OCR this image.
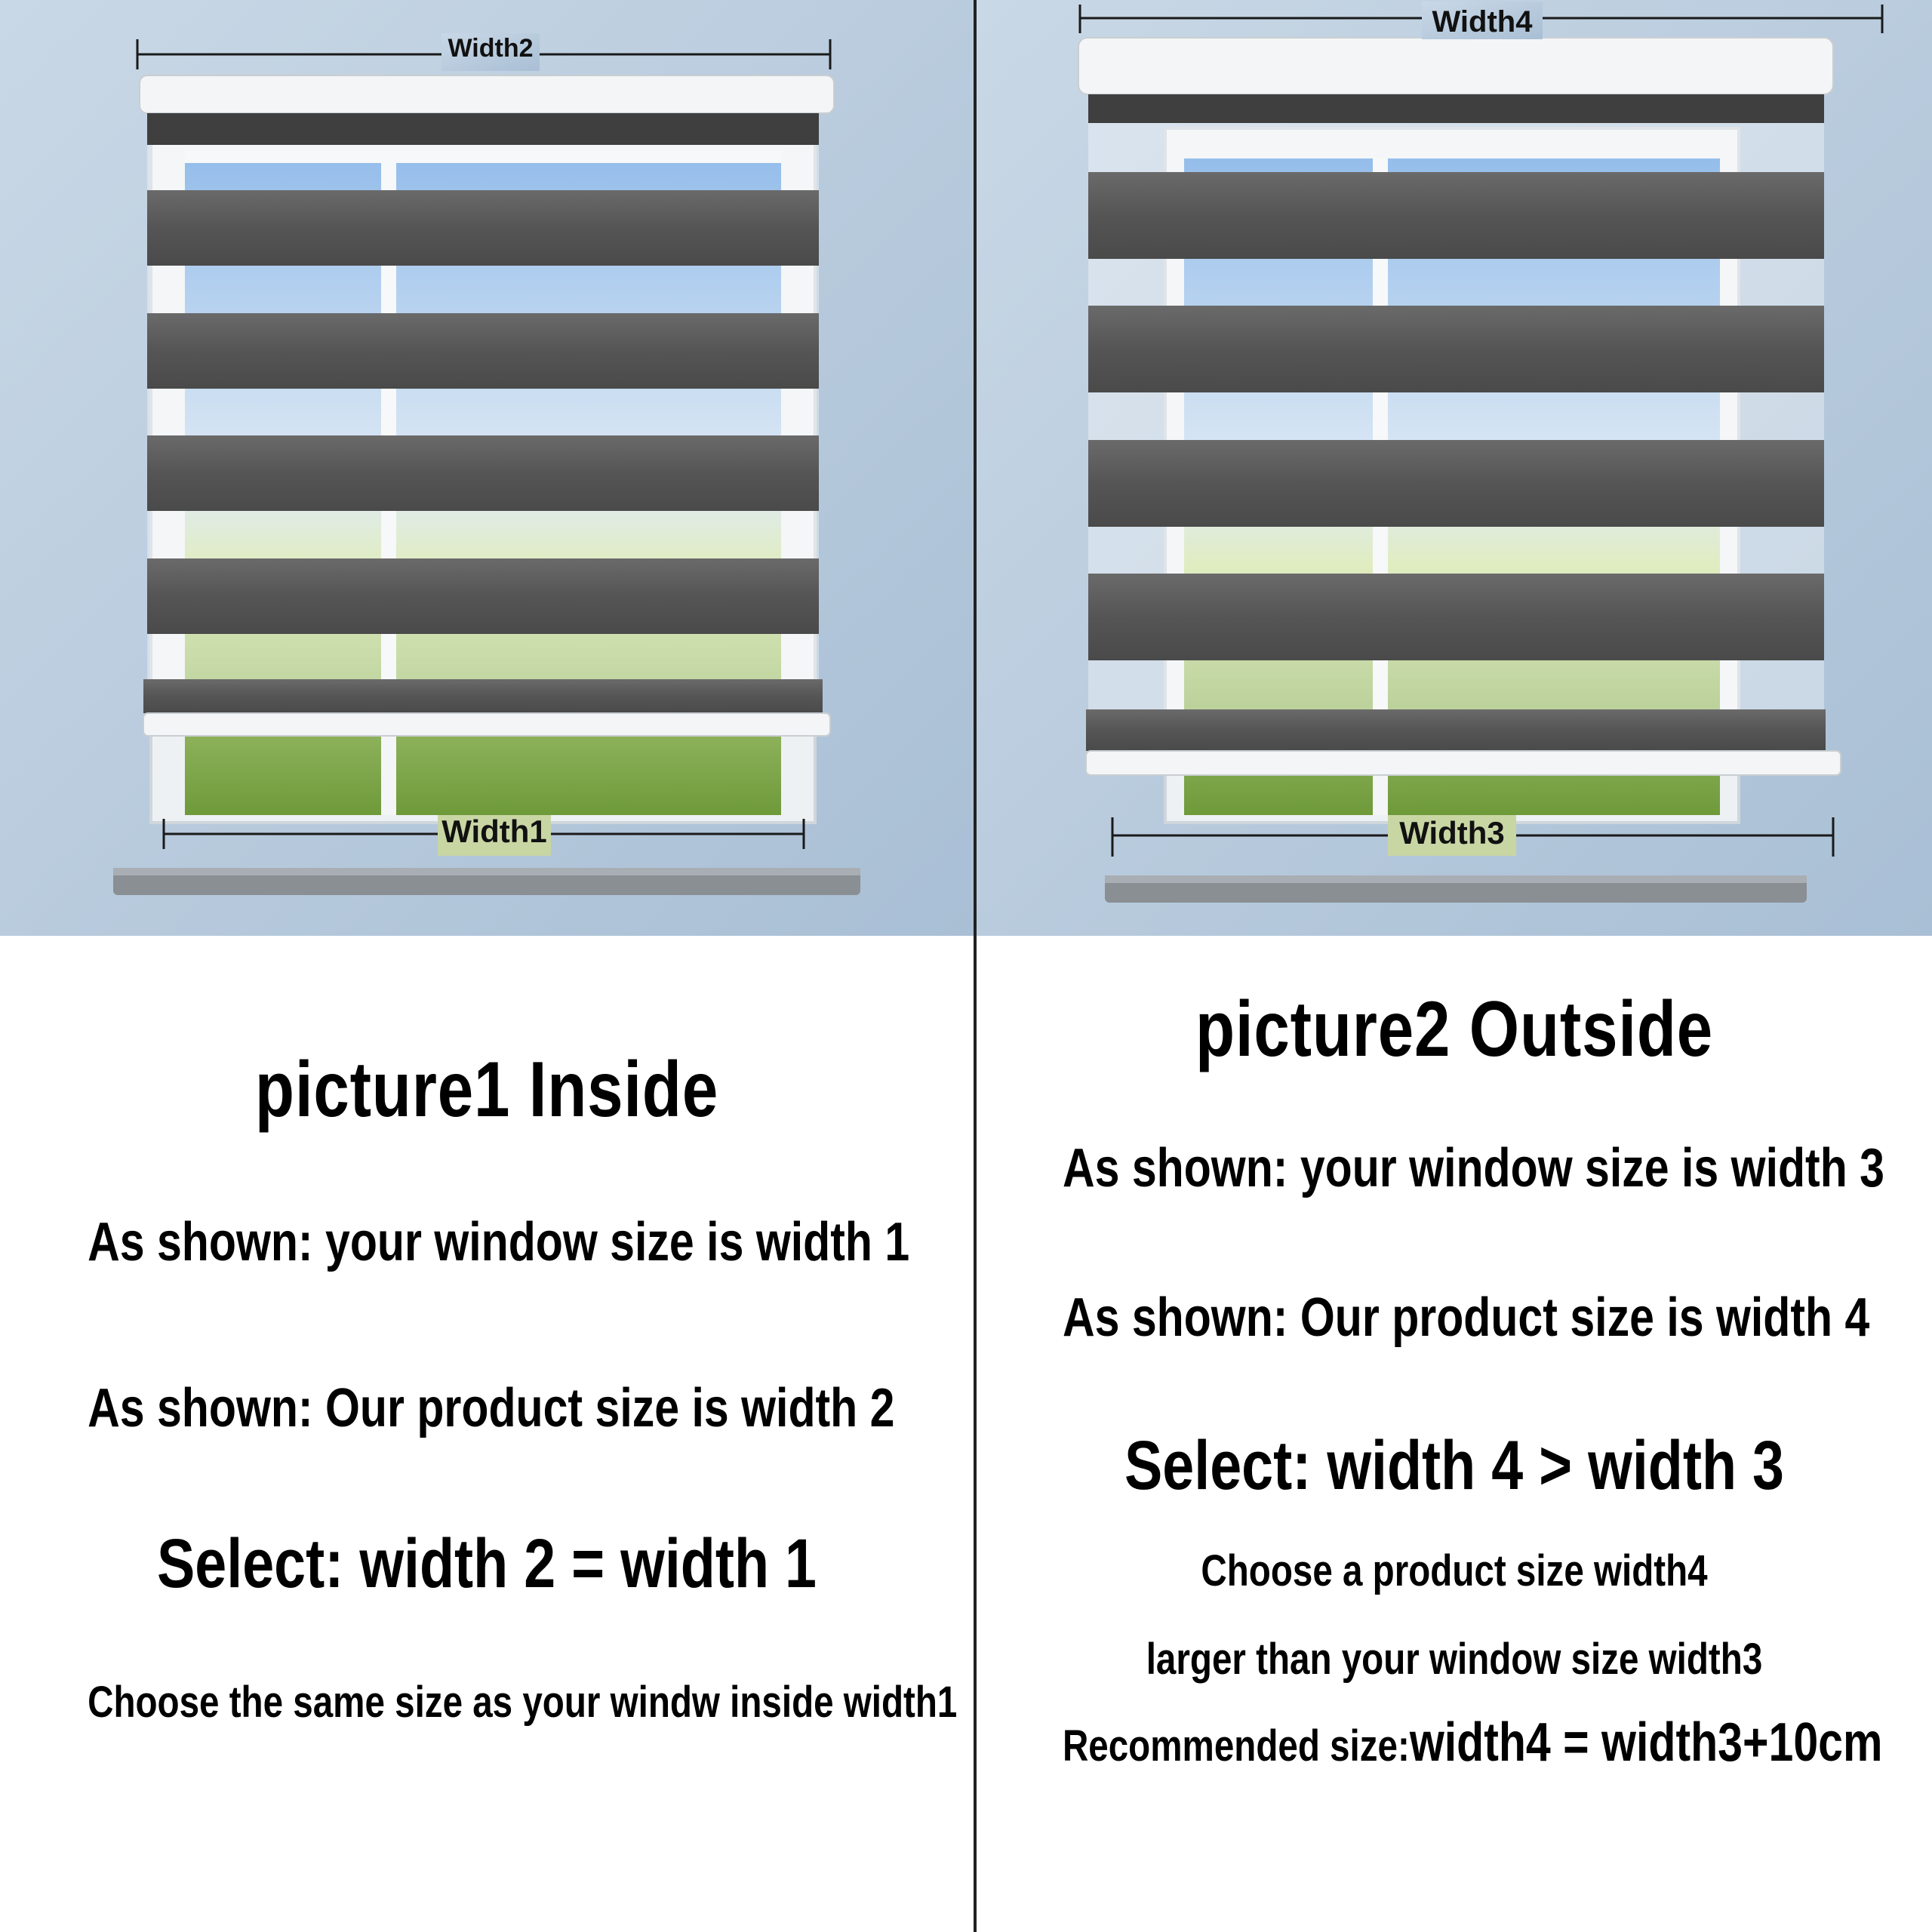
Width2
Width1
picture1 Inside
As shown: your window size is width 1
As shown: Our product size is width 2
Select: width 2 = width 1
Choose the same size as your windw inside width1
Width4
Width3
picture2 Outside
As shown: your window size is width 3
As shown: Our product size is width 4
Select: width 4 > width 3
Choose a product size width4
larger than your window size width3
Recommended size:width4 = width3+10cm
